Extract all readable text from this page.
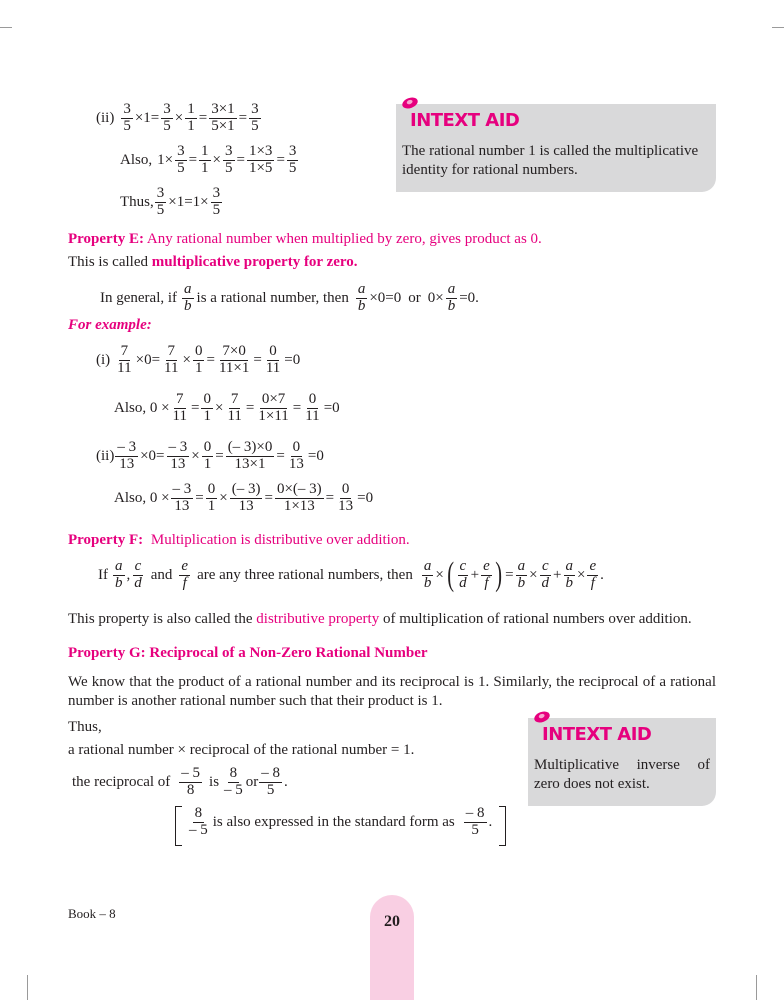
INTEXT AID
The rational number 1 is called the multiplicative identity for rational numbers.
$(ii) \frac{3}{5} \times 1= \frac{3}{5} \times \frac{1}{1} = \frac{3\times 1}{5\times 1} = \frac{3}{5}$
Also, $1\times \frac{3}{5} = \frac{1}{1} \times \frac{3}{5} = \frac{1\times 3}{1\times 5} = \frac{3}{5}$
Thus, $\frac{3}{5} \times 1=1\times \frac{3}{5}$
Property E: Any rational number when multiplied by zero, gives product as 0.
This is called multiplicative property for zero.
In general, if $\frac{a}{b}$ is a rational number, then $\frac{a}{b} \times 0=0$ or $0\times \frac{a}{b} =0$.
For example:
$(i) \frac{7}{11} \times 0= \frac{7}{11} \times \frac{0}{1} = \frac{7\times 0}{11\times 1} = \frac{0}{11} =0$
Also, $0 \times \frac{7}{11} = \frac{0}{1} \times \frac{7}{11} = \frac{0\times 7}{1\times 11} = \frac{0}{11} =0$
$(ii) \frac{- 3}{13} \times 0= \frac{- 3}{13} \times \frac{0}{1} = \frac{(- 3)\times 0}{13\times 1} = \frac{0}{13} =0$
Also, $0 \times \frac{- 3}{13} = \frac{0}{1} \times \frac{(- 3)}{13} = \frac{0\times(- 3)}{1\times 13} = \frac{0}{13} =0$
Property F: Multiplication is distributive over addition.
If $\frac{a}{b}$ , $\frac{c}{d}$ and $\frac{e}{f}$ are any three rational numbers, then $\frac{a}{b}$ × ( $\frac{c}{d} + \frac{e}{f}$ ) = $\frac{a}{b} \times \frac{c}{d} + \frac{a}{b} \times \frac{e}{f}$ .
This property is also called the distributive property of multiplication of rational numbers over addition.
Property G: Reciprocal of a Non-Zero Rational Number
We know that the product of a rational number and its reciprocal is 1. Similarly, the reciprocal of a rational number is another rational number such that their product is 1.
Thus,
a rational number × reciprocal of the rational number = 1.
INTEXT AID
Multiplicative inverse of zero does not exist.
the reciprocal of $\frac{- 5}{8}$ is $\frac{8}{- 5}$ or $\frac{- 8}{5}$ .
$\frac{8}{- 5}$ is also expressed in the standard form as $\frac{- 8}{5}$ .
Book – 8	20
